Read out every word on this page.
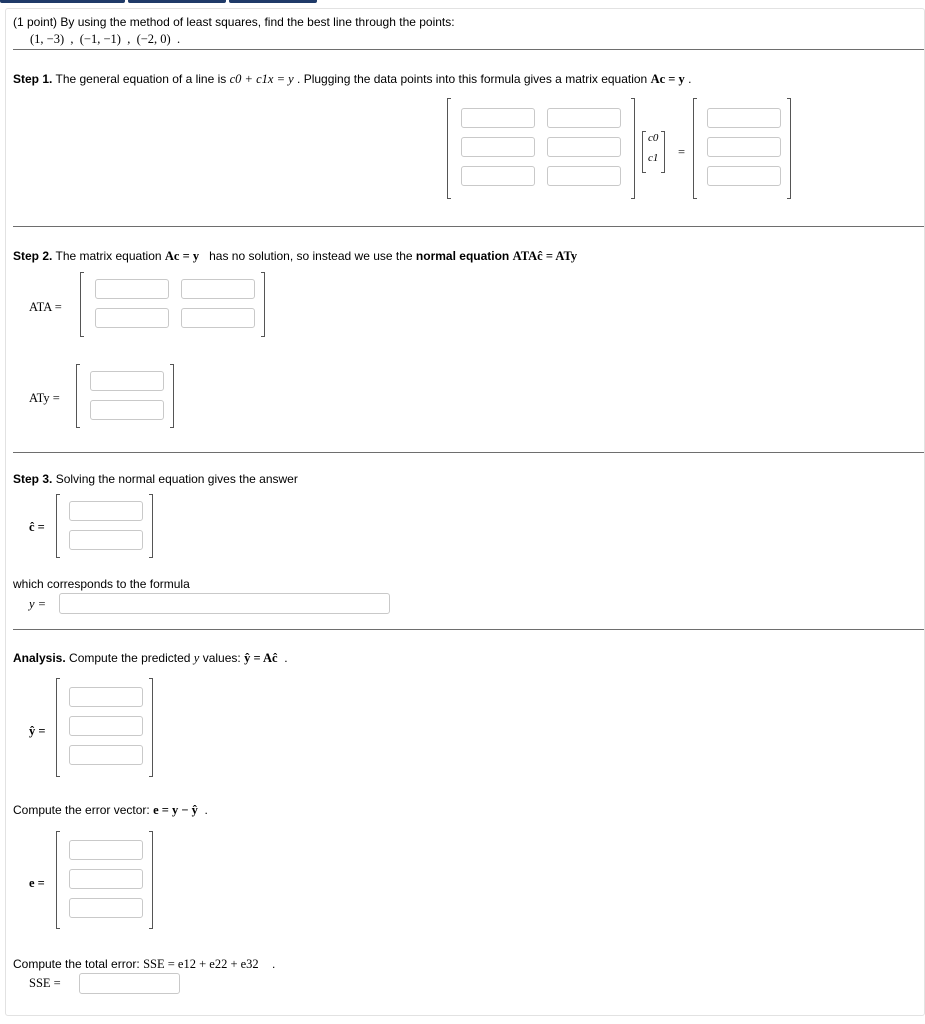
(1 point) By using the method of least squares, find the best line through the points:
(1, −3) , (−1, −1) , (−2, 0) .
Step 1. The general equation of a line is c0 + c1x = y . Plugging the data points into this formula gives a matrix equation Ac = y .
c0
c1 =
Step 2. The matrix equation Ac = y has no solution, so instead we use the normal equation ATAĉ = ATy
ATA =
ATy =
Step 3. Solving the normal equation gives the answer
ĉ =
which corresponds to the formula
y =
Analysis. Compute the predicted y values: ŷ = Aĉ .
ŷ =
Compute the error vector: e = y − ŷ .
e =
Compute the total error: SSE = e12 + e22 + e32 .
SSE =
